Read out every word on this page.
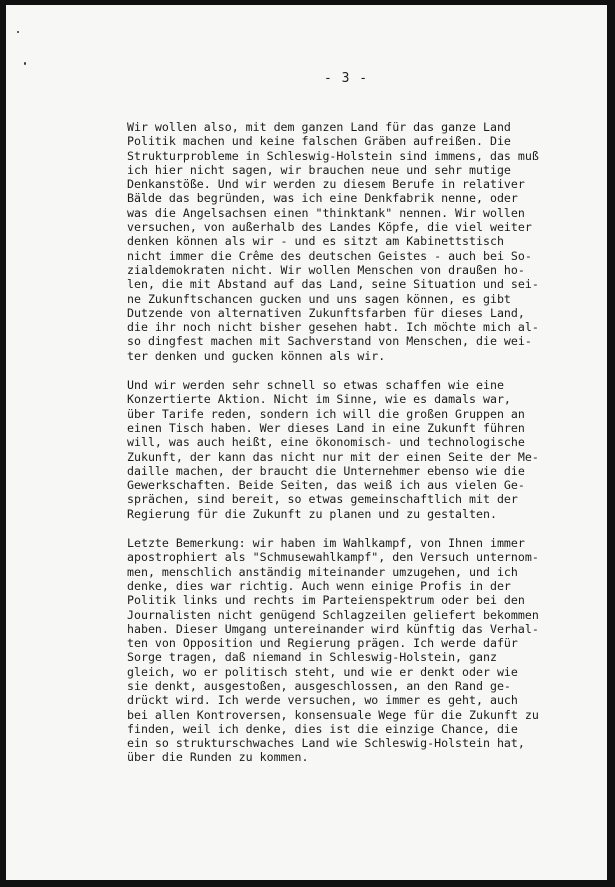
- 3 -

Wir wollen also, mit dem ganzen Land für das ganze Land
Politik machen und keine falschen Gräben aufreißen. Die
Strukturprobleme in Schleswig-Holstein sind immens, das muß
ich hier nicht sagen, wir brauchen neue und sehr mutige
Denkanstöße. Und wir werden zu diesem Berufe in relativer
Bälde das begründen, was ich eine Denkfabrik nenne, oder
was die Angelsachsen einen "thinktank" nennen. Wir wollen
versuchen, von außerhalb des Landes Köpfe, die viel weiter
denken können als wir - und es sitzt am Kabinettstisch
nicht immer die Crême des deutschen Geistes - auch bei So-
zialdemokraten nicht. Wir wollen Menschen von draußen ho-
len, die mit Abstand auf das Land, seine Situation und sei-
ne Zukunftschancen gucken und uns sagen können, es gibt
Dutzende von alternativen Zukunftsfarben für dieses Land,
die ihr noch nicht bisher gesehen habt. Ich möchte mich al-
so dingfest machen mit Sachverstand von Menschen, die wei-
ter denken und gucken können als wir.

Und wir werden sehr schnell so etwas schaffen wie eine
Konzertierte Aktion. Nicht im Sinne, wie es damals war,
über Tarife reden, sondern ich will die großen Gruppen an
einen Tisch haben. Wer dieses Land in eine Zukunft führen
will, was auch heißt, eine ökonomisch- und technologische
Zukunft, der kann das nicht nur mit der einen Seite der Me-
daille machen, der braucht die Unternehmer ebenso wie die
Gewerkschaften. Beide Seiten, das weiß ich aus vielen Ge-
sprächen, sind bereit, so etwas gemeinschaftlich mit der
Regierung für die Zukunft zu planen und zu gestalten.

Letzte Bemerkung: wir haben im Wahlkampf, von Ihnen immer
apostrophiert als "Schmusewahlkampf", den Versuch unternom-
men, menschlich anständig miteinander umzugehen, und ich
denke, dies war richtig. Auch wenn einige Profis in der
Politik links und rechts im Parteienspektrum oder bei den
Journalisten nicht genügend Schlagzeilen geliefert bekommen
haben. Dieser Umgang untereinander wird künftig das Verhal-
ten von Opposition und Regierung prägen. Ich werde dafür
Sorge tragen, daß niemand in Schleswig-Holstein, ganz
gleich, wo er politisch steht, und wie er denkt oder wie
sie denkt, ausgestoßen, ausgeschlossen, an den Rand ge-
drückt wird. Ich werde versuchen, wo immer es geht, auch
bei allen Kontroversen, konsensuale Wege für die Zukunft zu
finden, weil ich denke, dies ist die einzige Chance, die
ein so strukturschwaches Land wie Schleswig-Holstein hat,
über die Runden zu kommen.
